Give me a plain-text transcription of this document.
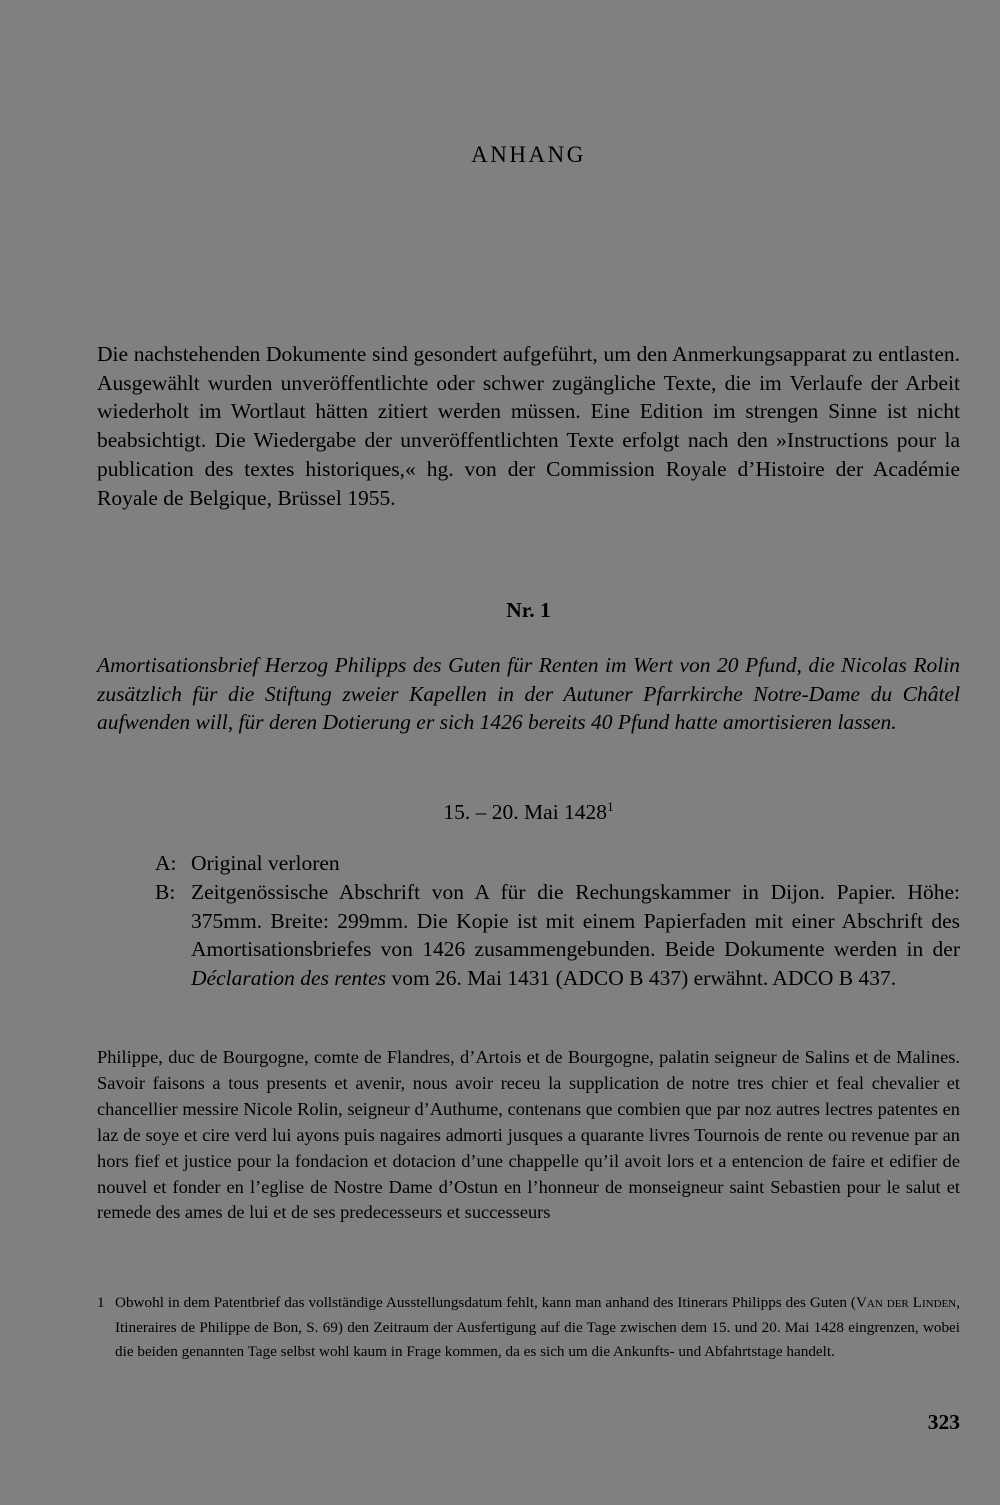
ANHANG

Die nachstehenden Dokumente sind gesondert aufgeführt, um den Anmerkungsapparat zu entlasten. Ausgewählt wurden unveröffentlichte oder schwer zugängliche Texte, die im Verlaufe der Arbeit wiederholt im Wortlaut hätten zitiert werden müssen. Eine Edition im strengen Sinne ist nicht beabsichtigt. Die Wiedergabe der unveröffentlichten Texte erfolgt nach den »Instructions pour la publication des textes historiques,« hg. von der Commission Royale d’Histoire der Académie Royale de Belgique, Brüssel 1955.

Nr. 1

Amortisationsbrief Herzog Philipps des Guten für Renten im Wert von 20 Pfund, die Nicolas Rolin zusätzlich für die Stiftung zweier Kapellen in der Autuner Pfarrkirche Notre-Dame du Châtel aufwenden will, für deren Dotierung er sich 1426 bereits 40 Pfund hatte amortisieren lassen.

15. – 20. Mai 1428$^1$
A: Original verloren
B: Zeitgenössische Abschrift von A für die Rechungskammer in Dijon. Papier. Höhe: 375mm. Breite: 299mm. Die Kopie ist mit einem Papierfaden mit einer Abschrift des Amortisationsbriefes von 1426 zusammengebunden. Beide Dokumente werden in der Déclaration des rentes vom 26. Mai 1431 (ADCO B 437) erwähnt. ADCO B 437.

Philippe, duc de Bourgogne, comte de Flandres, d’Artois et de Bourgogne, palatin seigneur de Salins et de Malines. Savoir faisons a tous presents et avenir, nous avoir receu la supplication de notre tres chier et feal chevalier et chancellier messire Nicole Rolin, seigneur d’Authume, contenans que combien que par noz autres lectres patentes en laz de soye et cire verd lui ayons puis nagaires admorti jusques a quarante livres Tournois de rente ou revenue par an hors fief et justice pour la fondacion et dotacion d’une chappelle qu’il avoit lors et a entencion de faire et edifier de nouvel et fonder en l’eglise de Nostre Dame d’Ostun en l’honneur de monseigneur saint Sebastien pour le salut et remede des ames de lui et de ses predecesseurs et successeurs

1 Obwohl in dem Patentbrief das vollständige Ausstellungsdatum fehlt, kann man anhand des Itinerars Philipps des Guten (Van der Linden, Itineraires de Philippe de Bon, S. 69) den Zeitraum der Ausfertigung auf die Tage zwischen dem 15. und 20. Mai 1428 eingrenzen, wobei die beiden genannten Tage selbst wohl kaum in Frage kommen, da es sich um die Ankunfts- und Abfahrtstage handelt.
323
